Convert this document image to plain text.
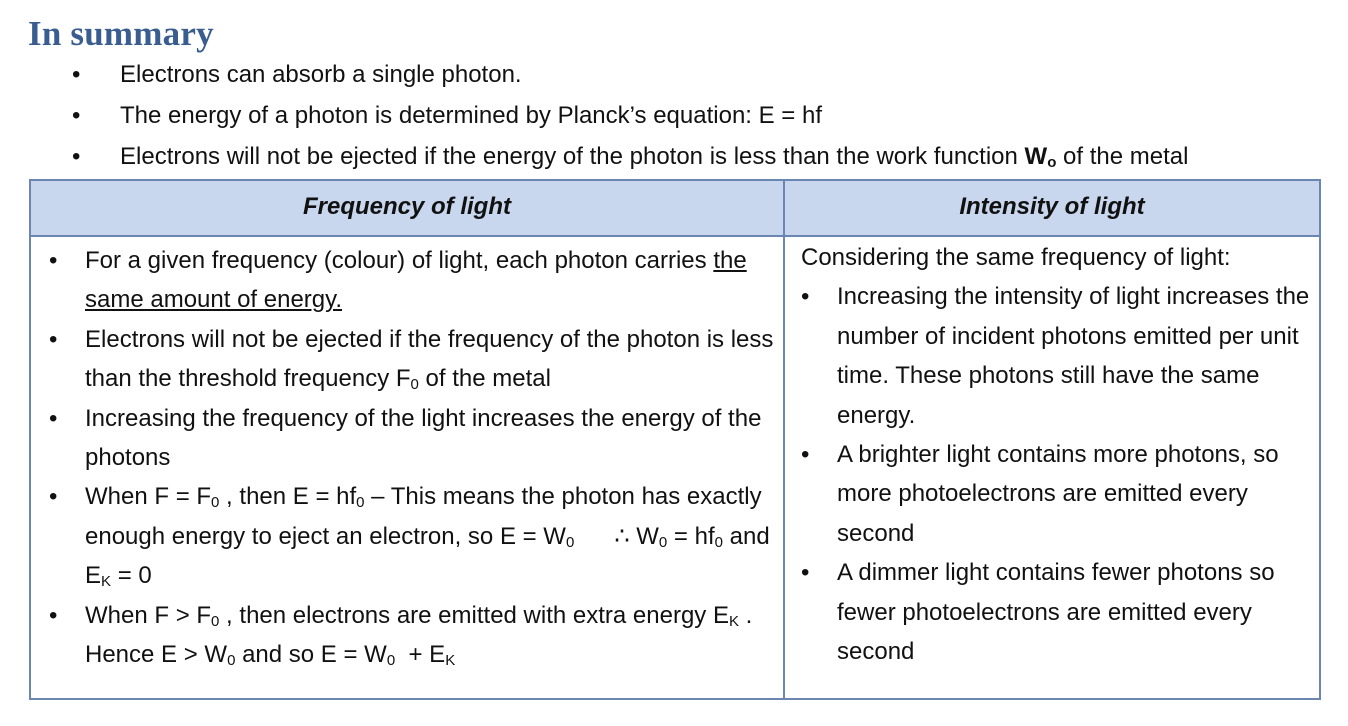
In summary
• Electrons can absorb a single photon.
• The energy of a photon is determined by Planck’s equation: E = hf
• Electrons will not be ejected if the energy of the photon is less than the work function $W_o$ of the metal
Frequency of light	Intensity of light
• For a given frequency (colour) of light, each photon carries the same amount of energy.
• Electrons will not be ejected if the frequency of the photon is less than the threshold frequency $F_0$ of the metal
• Increasing the frequency of the light increases the energy of the photons
• When $F = F_0$ , then $E = hf_0$ – This means the photon has exactly enough energy to eject an electron, so $E = W_0$      ∴ $W_0 = hf_0$ and $E_K = 0$
• When $F > F_0$ , then electrons are emitted with extra energy $E_K$ . Hence $E > W_0$ and so $E = W_0 + E_K$
Considering the same frequency of light:
• Increasing the intensity of light increases the number of incident photons emitted per unit time. These photons still have the same energy.
• A brighter light contains more photons, so more photoelectrons are emitted every second
• A dimmer light contains fewer photons so fewer photoelectrons are emitted every second
